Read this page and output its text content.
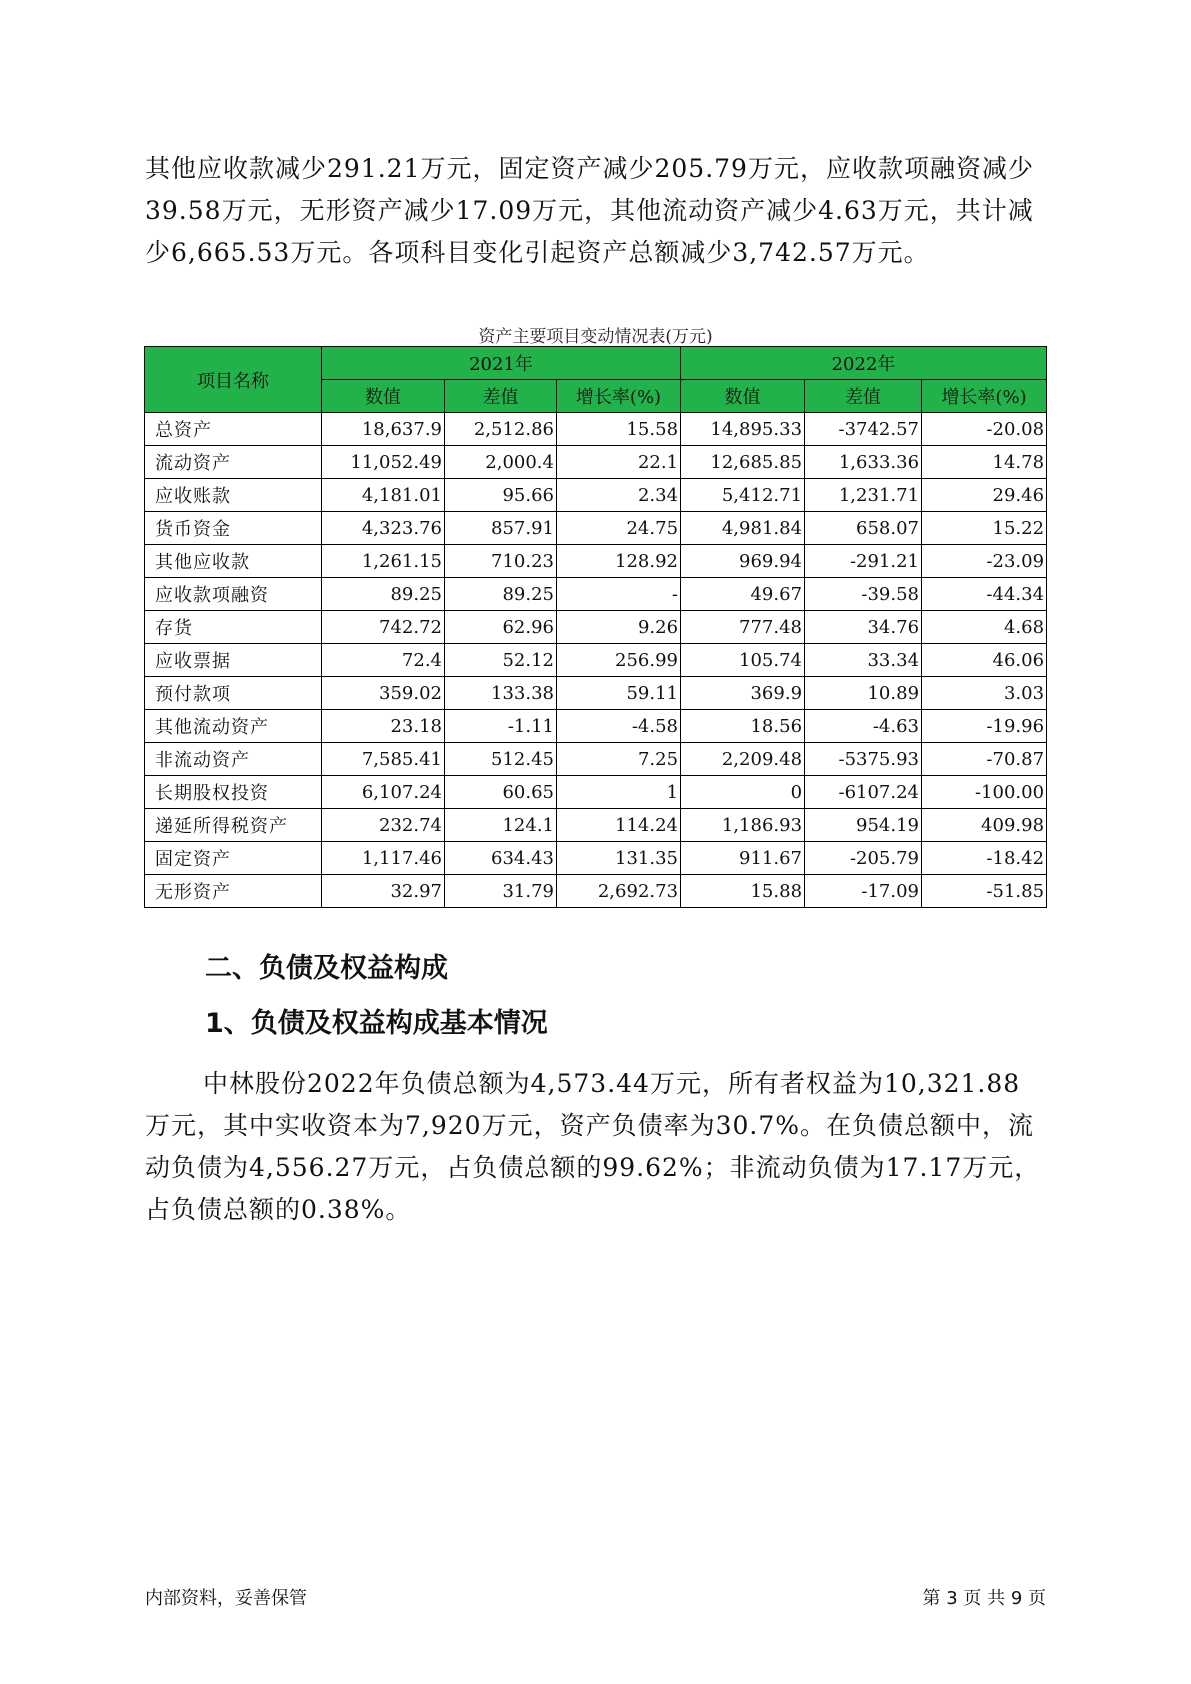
其他应收款减少291.21万元，固定资产减少205.79万元，应收款项融资减少39.58万元，无形资产减少17.09万元，其他流动资产减少4.63万元，共计减少6,665.53万元。各项科目变化引起资产总额减少3,742.57万元。

资产主要项目变动情况表(万元)
项目名称	2021年			2022年		
	数值	差值	增长率(%)	数值	差值	增长率(%)
总资产	18,637.9	2,512.86	15.58	14,895.33	-3742.57	-20.08
流动资产	11,052.49	2,000.4	22.1	12,685.85	1,633.36	14.78
应收账款	4,181.01	95.66	2.34	5,412.71	1,231.71	29.46
货币资金	4,323.76	857.91	24.75	4,981.84	658.07	15.22
其他应收款	1,261.15	710.23	128.92	969.94	-291.21	-23.09
应收款项融资	89.25	89.25	-	49.67	-39.58	-44.34
存货	742.72	62.96	9.26	777.48	34.76	4.68
应收票据	72.4	52.12	256.99	105.74	33.34	46.06
预付款项	359.02	133.38	59.11	369.9	10.89	3.03
其他流动资产	23.18	-1.11	-4.58	18.56	-4.63	-19.96
非流动资产	7,585.41	512.45	7.25	2,209.48	-5375.93	-70.87
长期股权投资	6,107.24	60.65	1	0	-6107.24	-100.00
递延所得税资产	232.74	124.1	114.24	1,186.93	954.19	409.98
固定资产	1,117.46	634.43	131.35	911.67	-205.79	-18.42
无形资产	32.97	31.79	2,692.73	15.88	-17.09	-51.85
二、负债及权益构成
1、负债及权益构成基本情况

中林股份2022年负债总额为4,573.44万元，所有者权益为10,321.88万元，其中实收资本为7,920万元，资产负债率为30.7%。在负债总额中，流动负债为4,556.27万元，占负债总额的99.62%；非流动负债为17.17万元，占负债总额的0.38%。

内部资料，妥善保管	第 3 页 共 9 页
